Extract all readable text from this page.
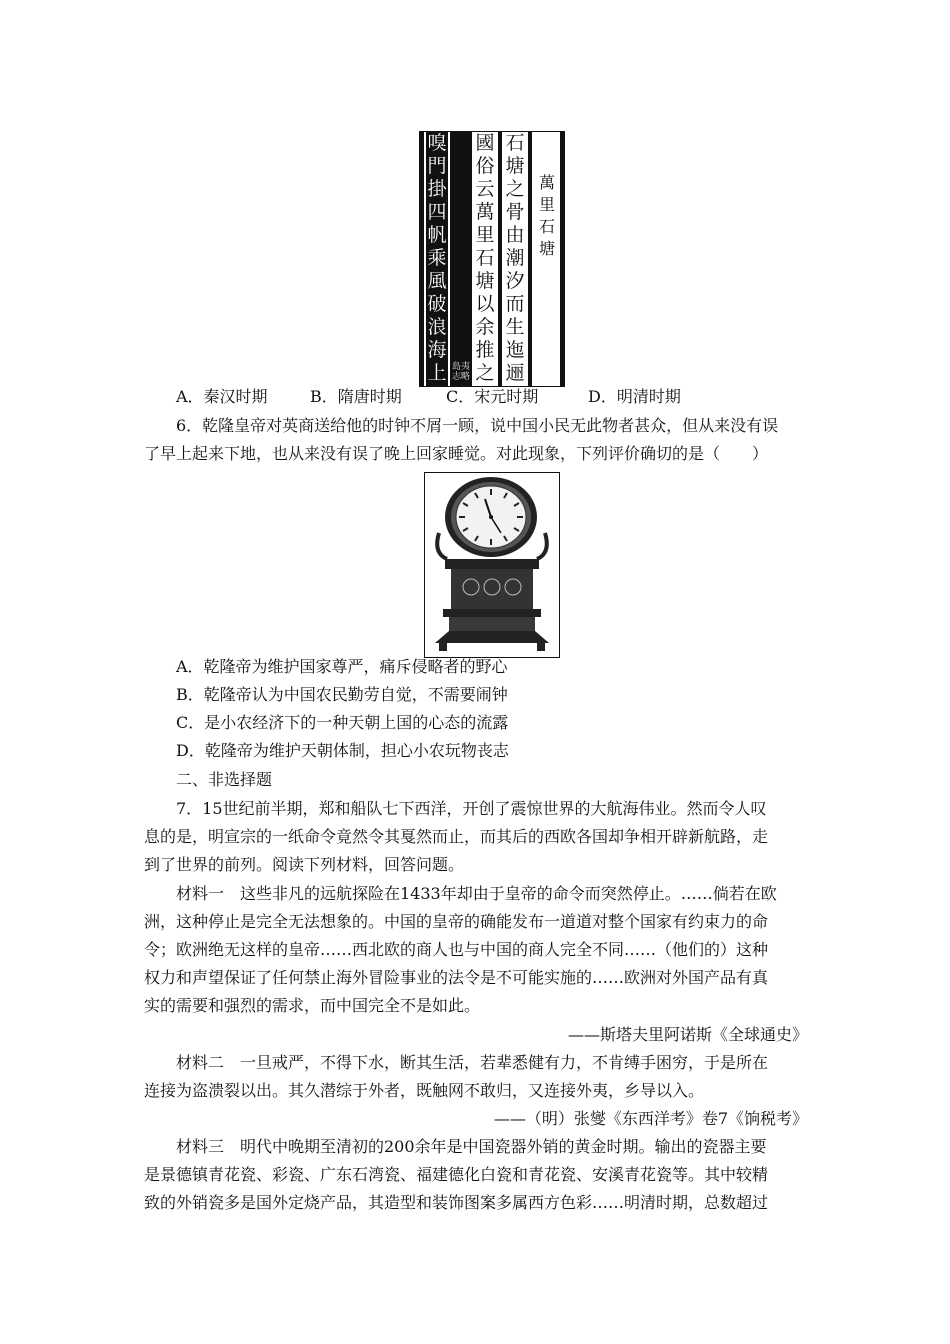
嗅門掛四帆乘風破浪海上 島夷志略
國俗云萬里石塘以余推之
石塘之骨由潮汐而生迤逦
萬里石塘
A．秦汉时期	B．隋唐时期	C．宋元时期	D．明清时期
6．乾隆皇帝对英商送给他的时钟不屑一顾，说中国小民无此物者甚众，但从来没有误
了早上起来下地，也从来没有误了晚上回家睡觉。对此现象，下列评价确切的是（　　）
A．乾隆帝为维护国家尊严，痛斥侵略者的野心
B．乾隆帝认为中国农民勤劳自觉，不需要闹钟
C．是小农经济下的一种天朝上国的心态的流露
D．乾隆帝为维护天朝体制，担心小农玩物丧志
二、非选择题
7．15世纪前半期，郑和船队七下西洋，开创了震惊世界的大航海伟业。然而令人叹
息的是，明宣宗的一纸命令竟然令其戛然而止，而其后的西欧各国却争相开辟新航路，走
到了世界的前列。阅读下列材料，回答问题。
材料一　这些非凡的远航探险在1433年却由于皇帝的命令而突然停止。……倘若在欧
洲，这种停止是完全无法想象的。中国的皇帝的确能发布一道道对整个国家有约束力的命
令；欧洲绝无这样的皇帝……西北欧的商人也与中国的商人完全不同……（他们的）这种
权力和声望保证了任何禁止海外冒险事业的法令是不可能实施的……欧洲对外国产品有真
实的需要和强烈的需求，而中国完全不是如此。
——斯塔夫里阿诺斯《全球通史》
材料二　一旦戒严，不得下水，断其生活，若辈悉健有力，不肯缚手困穷，于是所在
连接为盗溃裂以出。其久潜综于外者，既触网不敢归，又连接外夷，乡导以入。
——（明）张燮《东西洋考》卷7《饷税考》
材料三　明代中晚期至清初的200余年是中国瓷器外销的黄金时期。输出的瓷器主要
是景德镇青花瓷、彩瓷、广东石湾瓷、福建德化白瓷和青花瓷、安溪青花瓷等。其中较精
致的外销瓷多是国外定烧产品，其造型和装饰图案多属西方色彩……明清时期，总数超过
